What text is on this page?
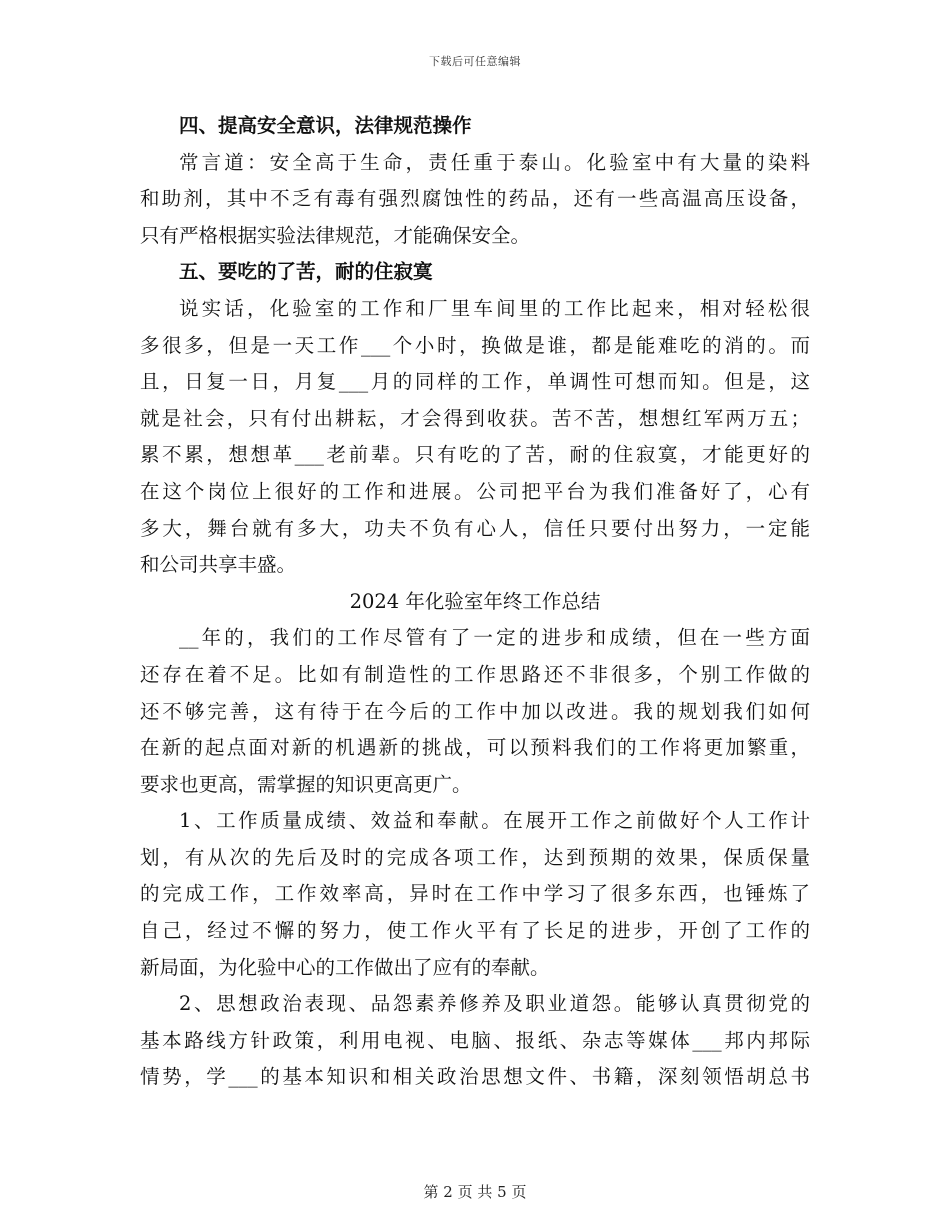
下载后可任意编辑
四、提高安全意识，法律规范操作
常言道：安全高于生命，责任重于泰山。化验室中有大量的染料
和助剂，其中不乏有毒有强烈腐蚀性的药品，还有一些高温高压设备，
只有严格根据实验法律规范，才能确保安全。
五、要吃的了苦，耐的住寂寞
说实话，化验室的工作和厂里车间里的工作比起来，相对轻松很
多很多，但是一天工作___个小时，换做是谁，都是能难吃的消的。而
且，日复一日，月复___月的同样的工作，单调性可想而知。但是，这
就是社会，只有付出耕耘，才会得到收获。苦不苦，想想红军两万五；
累不累，想想革___老前辈。只有吃的了苦，耐的住寂寞，才能更好的
在这个岗位上很好的工作和进展。公司把平台为我们准备好了，心有
多大，舞台就有多大，功夫不负有心人，信任只要付出努力，一定能
和公司共享丰盛。
2024 年化验室年终工作总结
__年的，我们的工作尽管有了一定的进步和成绩，但在一些方面
还存在着不足。比如有制造性的工作思路还不非很多，个别工作做的
还不够完善，这有待于在今后的工作中加以改进。我的规划我们如何
在新的起点面对新的机遇新的挑战，可以预料我们的工作将更加繁重，
要求也更高，需掌握的知识更高更广。
1、工作质量成绩、效益和奉献。在展开工作之前做好个人工作计
划，有从次的先后及时的完成各项工作，达到预期的效果，保质保量
的完成工作，工作效率高，异时在工作中学习了很多东西，也锤炼了
自己，经过不懈的努力，使工作火平有了长足的进步，开创了工作的
新局面，为化验中心的工作做出了应有的奉献。
2、思想政治表现、品怨素养修养及职业道怨。能够认真贯彻党的
基本路线方针政策，利用电视、电脑、报纸、杂志等媒体___邦内邦际
情势，学___的基本知识和相关政治思想文件、书籍，深刻领悟胡总书
第 2 页 共 5 页
